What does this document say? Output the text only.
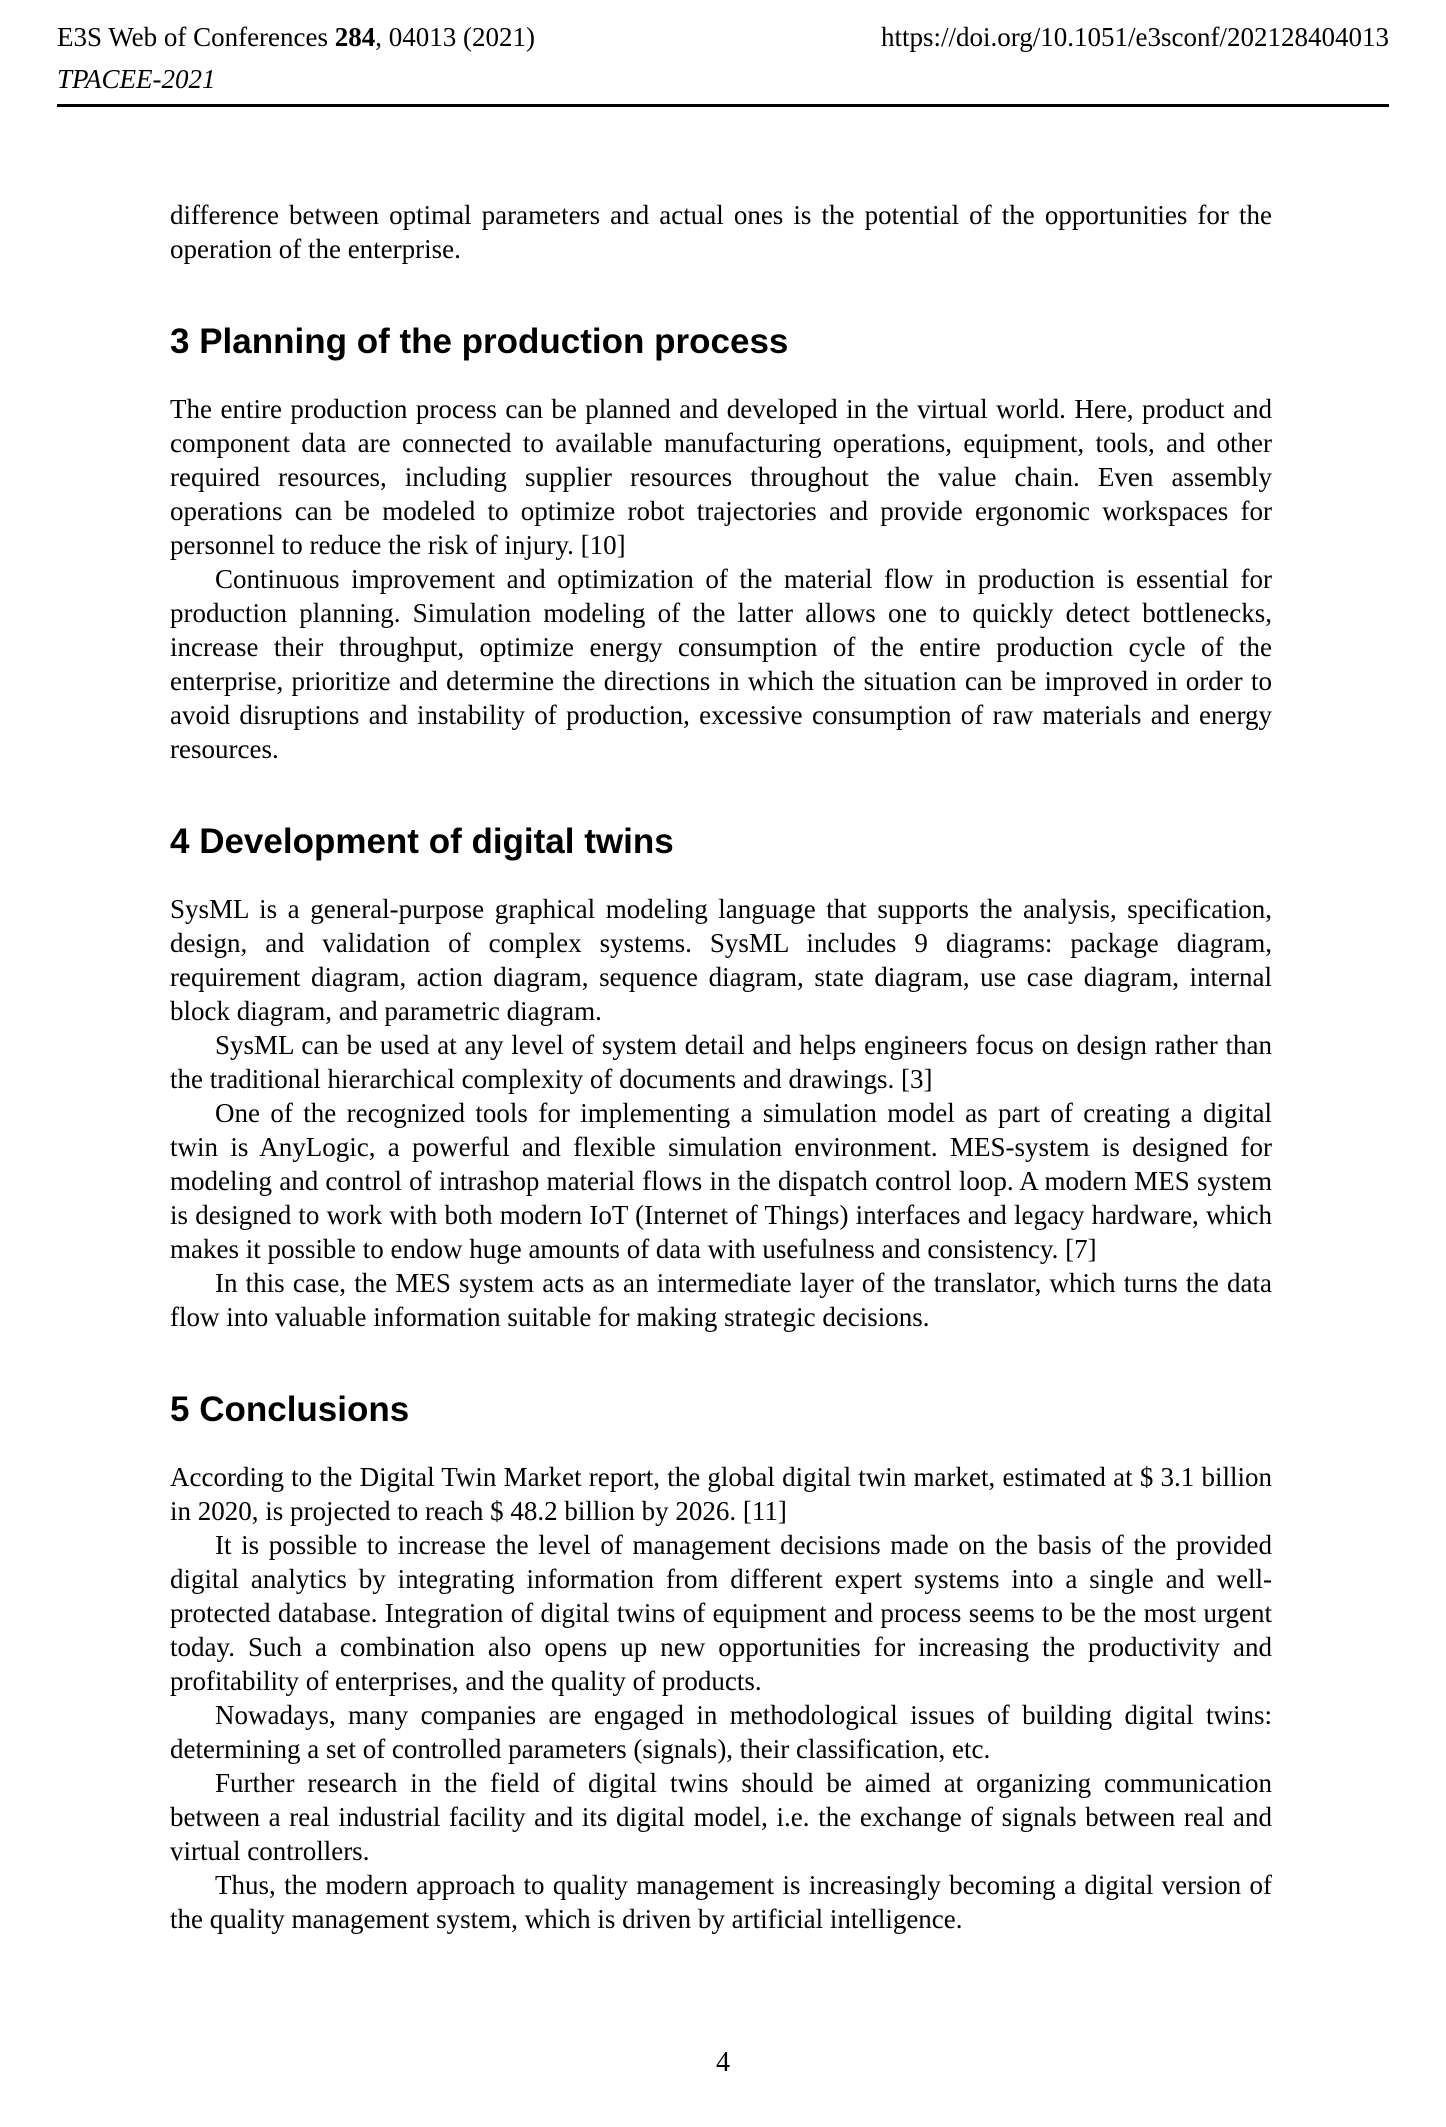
E3S Web of Conferences 284, 04013 (2021)	https://doi.org/10.1051/e3sconf/202128404013
TPACEE-2021

difference between optimal parameters and actual ones is the potential of the opportunities for the operation of the enterprise.

3 Planning of the production process

The entire production process can be planned and developed in the virtual world. Here, product and component data are connected to available manufacturing operations, equipment, tools, and other required resources, including supplier resources throughout the value chain. Even assembly operations can be modeled to optimize robot trajectories and provide ergonomic workspaces for personnel to reduce the risk of injury. [10]

Continuous improvement and optimization of the material flow in production is essential for production planning. Simulation modeling of the latter allows one to quickly detect bottlenecks, increase their throughput, optimize energy consumption of the entire production cycle of the enterprise, prioritize and determine the directions in which the situation can be improved in order to avoid disruptions and instability of production, excessive consumption of raw materials and energy resources.

4 Development of digital twins

SysML is a general-purpose graphical modeling language that supports the analysis, specification, design, and validation of complex systems. SysML includes 9 diagrams: package diagram, requirement diagram, action diagram, sequence diagram, state diagram, use case diagram, internal block diagram, and parametric diagram.

SysML can be used at any level of system detail and helps engineers focus on design rather than the traditional hierarchical complexity of documents and drawings. [3]

One of the recognized tools for implementing a simulation model as part of creating a digital twin is AnyLogic, a powerful and flexible simulation environment. MES-system is designed for modeling and control of intrashop material flows in the dispatch control loop. A modern MES system is designed to work with both modern IoT (Internet of Things) interfaces and legacy hardware, which makes it possible to endow huge amounts of data with usefulness and consistency. [7]

In this case, the MES system acts as an intermediate layer of the translator, which turns the data flow into valuable information suitable for making strategic decisions.

5 Conclusions

According to the Digital Twin Market report, the global digital twin market, estimated at $ 3.1 billion in 2020, is projected to reach $ 48.2 billion by 2026. [11]

It is possible to increase the level of management decisions made on the basis of the provided digital analytics by integrating information from different expert systems into a single and well-protected database. Integration of digital twins of equipment and process seems to be the most urgent today. Such a combination also opens up new opportunities for increasing the productivity and profitability of enterprises, and the quality of products.

Nowadays, many companies are engaged in methodological issues of building digital twins: determining a set of controlled parameters (signals), their classification, etc.

Further research in the field of digital twins should be aimed at organizing communication between a real industrial facility and its digital model, i.e. the exchange of signals between real and virtual controllers.

Thus, the modern approach to quality management is increasingly becoming a digital version of the quality management system, which is driven by artificial intelligence.

4
